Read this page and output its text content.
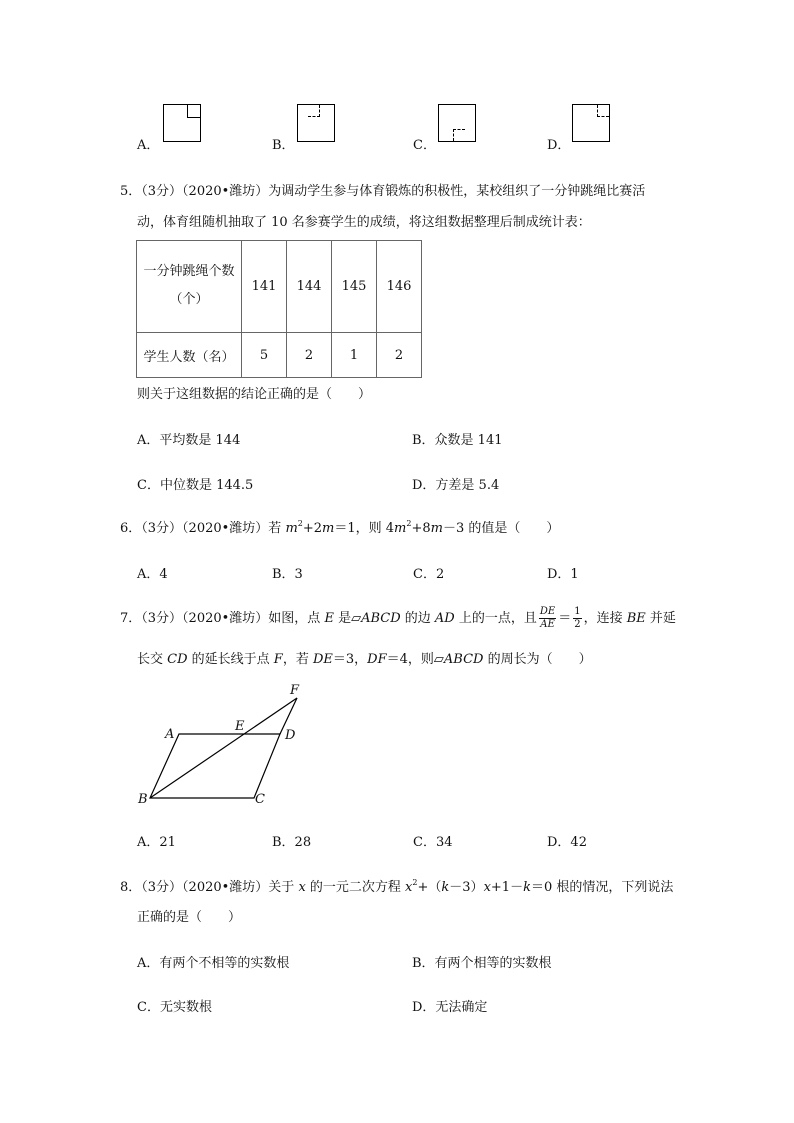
A．	B．	C．	D．
5．（3分）（2020•潍坊）为调动学生参与体育锻炼的积极性，某校组织了一分钟跳绳比赛活
动，体育组随机抽取了 10 名参赛学生的成绩，将这组数据整理后制成统计表：
一分钟跳绳个数
（个）	141	144	145	146
学生人数（名）	5	2	1	2
则关于这组数据的结论正确的是（　　）
A．平均数是 144	B．众数是 141
C．中位数是 144.5	D．方差是 5.4
6．（3分）（2020•潍坊）若 $m^2+2m=1$，则 $4m^2+8m-3$ 的值是（　　）
A．4	B．3	C．2	D．1
7．（3分）（2020•潍坊）如图，点 E 是▱ABCD 的边 AD 上的一点，且 $\frac{DE}{AE} = \frac{1}{2}$ ，连接 BE 并延
长交 CD 的延长线于点 F，若 DE＝3，DF＝4，则▱ABCD 的周长为（　　）
A
B	C
D
E
F
A．21	B．28	C．34	D．42
8．（3分）（2020•潍坊）关于 x 的一元二次方程 $x^2+(k-3)x+1-k=0$ 根的情况，下列说法
正确的是（　　）
A．有两个不相等的实数根	B．有两个相等的实数根
C．无实数根	D．无法确定
